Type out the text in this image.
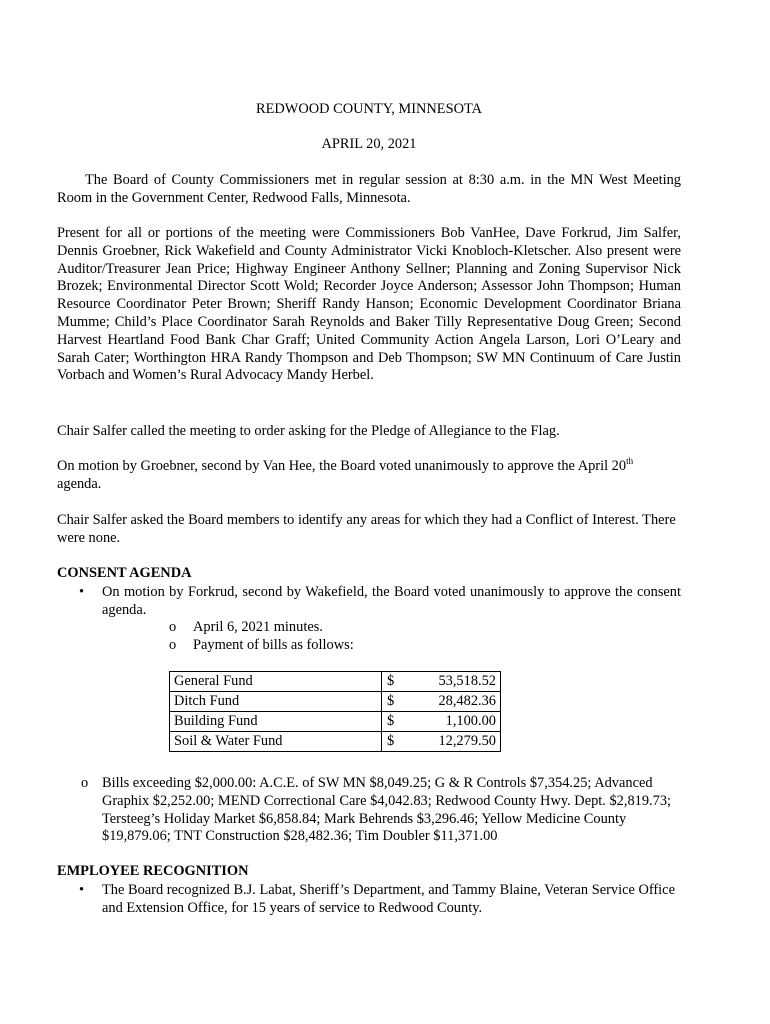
REDWOOD COUNTY, MINNESOTA

APRIL 20, 2021

The Board of County Commissioners met in regular session at 8:30 a.m. in the MN West Meeting Room in the Government Center, Redwood Falls, Minnesota.

Present for all or portions of the meeting were Commissioners Bob VanHee, Dave Forkrud, Jim Salfer, Dennis Groebner, Rick Wakefield and County Administrator Vicki Knobloch-Kletscher. Also present were Auditor/Treasurer Jean Price; Highway Engineer Anthony Sellner; Planning and Zoning Supervisor Nick Brozek; Environmental Director Scott Wold; Recorder Joyce Anderson; Assessor John Thompson; Human Resource Coordinator Peter Brown; Sheriff Randy Hanson; Economic Development Coordinator Briana Mumme; Child’s Place Coordinator Sarah Reynolds and Baker Tilly Representative Doug Green; Second Harvest Heartland Food Bank Char Graff; United Community Action Angela Larson, Lori O’Leary and Sarah Cater; Worthington HRA Randy Thompson and Deb Thompson; SW MN Continuum of Care Justin Vorbach and Women’s Rural Advocacy Mandy Herbel.

Chair Salfer called the meeting to order asking for the Pledge of Allegiance to the Flag.

On motion by Groebner, second by Van Hee, the Board voted unanimously to approve the April 20th
agenda.

Chair Salfer asked the Board members to identify any areas for which they had a Conflict of Interest. There were none.

CONSENT AGENDA
• On motion by Forkrud, second by Wakefield, the Board voted unanimously to approve the consent agenda.

o April 6, 2021 minutes.
o Payment of bills as follows:
General Fund	$ 53,518.52

Ditch Fund	$ 28,482.36

Building Fund	$ 1,100.00

Soil & Water Fund	$ 12,279.50
o Bills exceeding $2,000.00: A.C.E. of SW MN $8,049.25; G & R Controls $7,354.25; Advanced Graphix $2,252.00; MEND Correctional Care $4,042.83; Redwood County Hwy. Dept. $2,819.73; Tersteeg’s Holiday Market $6,858.84; Mark Behrends $3,296.46; Yellow Medicine County $19,879.06; TNT Construction $28,482.36; Tim Doubler $11,371.00

EMPLOYEE RECOGNITION
• The Board recognized B.J. Labat, Sheriff’s Department, and Tammy Blaine, Veteran Service Office and Extension Office, for 15 years of service to Redwood County.
